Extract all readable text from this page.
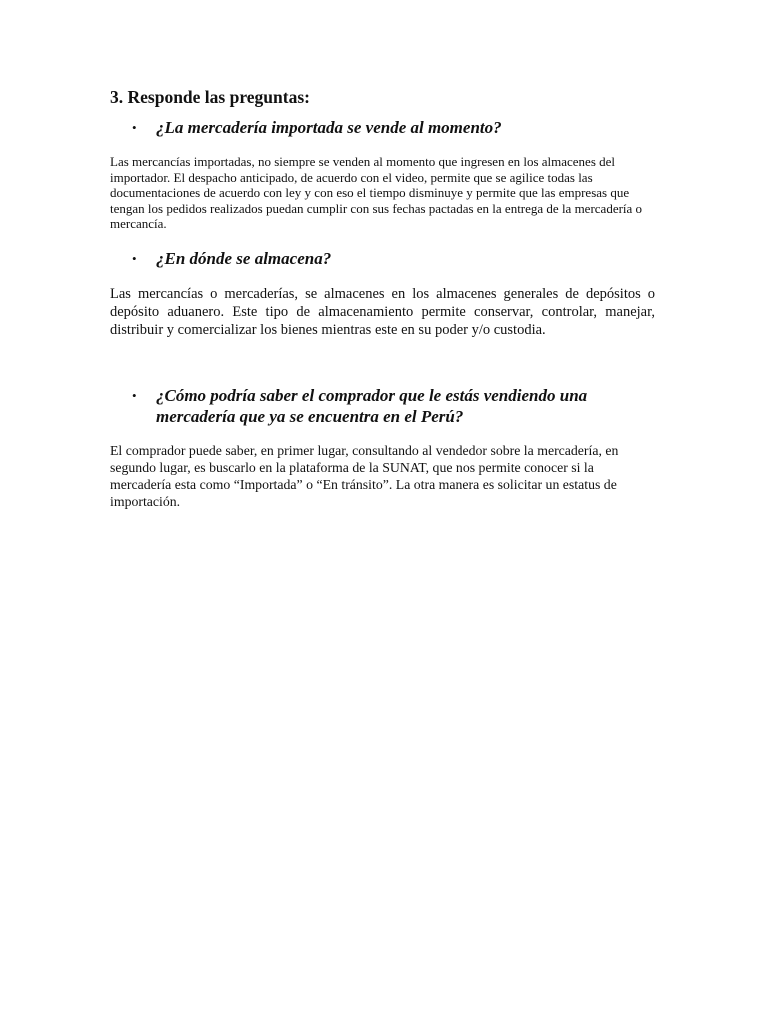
3. Responde las preguntas:
• ¿La mercadería importada se vende al momento?

Las mercancías importadas, no siempre se venden al momento que ingresen en los almacenes del importador. El despacho anticipado, de acuerdo con el video, permite que se agilice todas las documentaciones de acuerdo con ley y con eso el tiempo disminuye y permite que las empresas que tengan los pedidos realizados puedan cumplir con sus fechas pactadas en la entrega de la mercadería o mercancía.

• ¿En dónde se almacena?

Las mercancías o mercaderías, se almacenes en los almacenes generales de depósitos o depósito aduanero. Este tipo de almacenamiento permite conservar, controlar, manejar, distribuir y comercializar los bienes mientras este en su poder y/o custodia.

• ¿Cómo podría saber el comprador que le estás vendiendo una mercadería que ya se encuentra en el Perú?

El comprador puede saber, en primer lugar, consultando al vendedor sobre la mercadería, en segundo lugar, es buscarlo en la plataforma de la SUNAT, que nos permite conocer si la mercadería esta como “Importada” o “En tránsito”. La otra manera es solicitar un estatus de importación.
